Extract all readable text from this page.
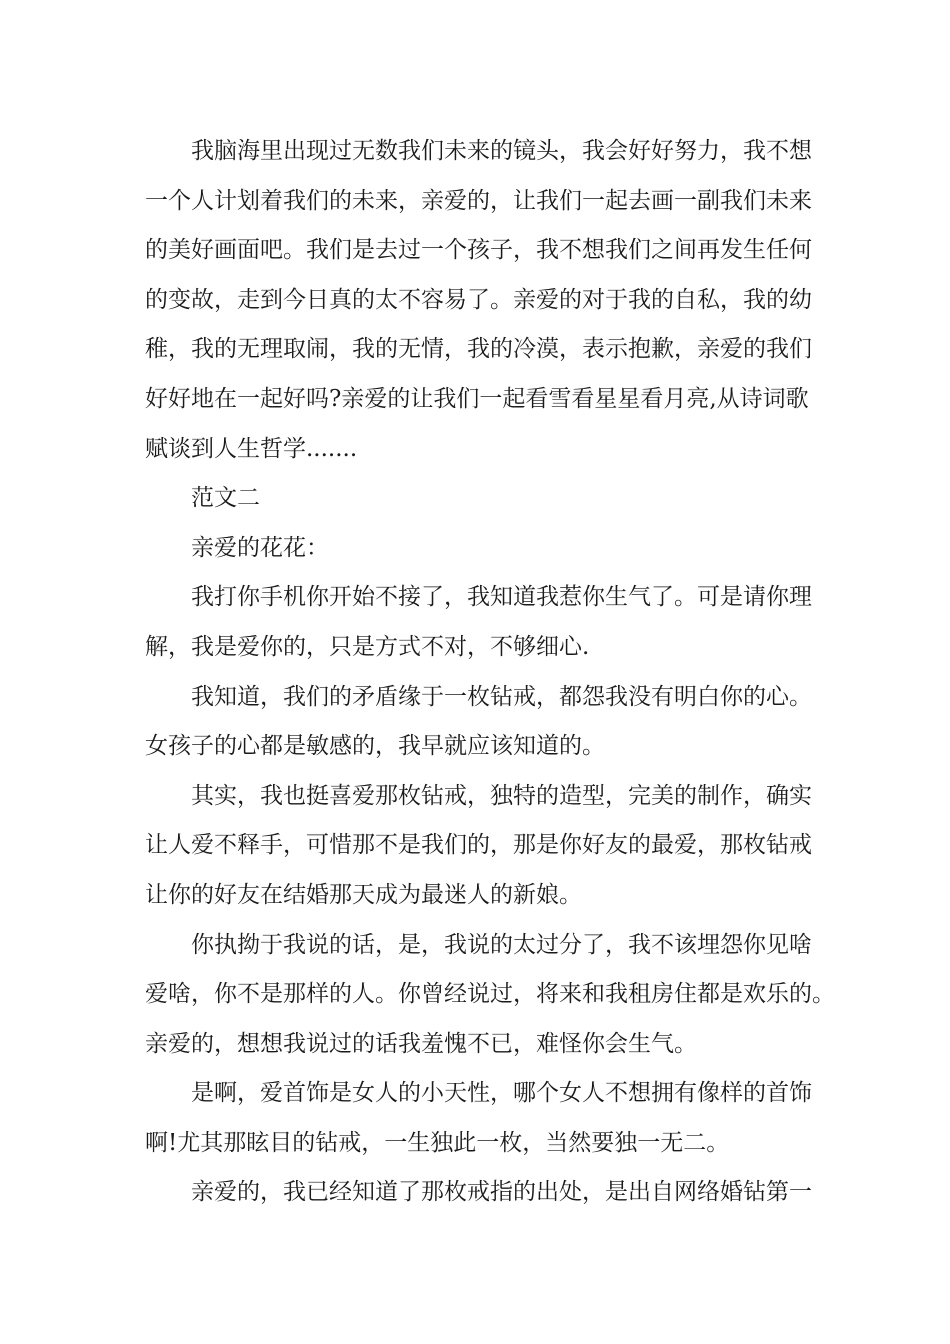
我脑海里出现过无数我们未来的镜头，我会好好努力，我不想
一个人计划着我们的未来，亲爱的，让我们一起去画一副我们未来
的美好画面吧。我们是去过一个孩子，我不想我们之间再发生任何
的变故，走到今日真的太不容易了。亲爱的对于我的自私，我的幼
稚，我的无理取闹，我的无情，我的冷漠，表示抱歉，亲爱的我们
好好地在一起好吗?亲爱的让我们一起看雪看星星看月亮,从诗词歌
赋谈到人生哲学.......

范文二

亲爱的花花：

我打你手机你开始不接了，我知道我惹你生气了。可是请你理
解，我是爱你的，只是方式不对，不够细心.

我知道，我们的矛盾缘于一枚钻戒，都怨我没有明白你的心。
女孩子的心都是敏感的，我早就应该知道的。

其实，我也挺喜爱那枚钻戒，独特的造型，完美的制作，确实
让人爱不释手，可惜那不是我们的，那是你好友的最爱，那枚钻戒
让你的好友在结婚那天成为最迷人的新娘。

你执拗于我说的话，是，我说的太过分了，我不该埋怨你见啥
爱啥，你不是那样的人。你曾经说过，将来和我租房住都是欢乐的。
亲爱的，想想我说过的话我羞愧不已，难怪你会生气。

是啊，爱首饰是女人的小天性，哪个女人不想拥有像样的首饰
啊!尤其那眩目的钻戒，一生独此一枚，当然要独一无二。

亲爱的，我已经知道了那枚戒指的出处，是出自网络婚钻第一
